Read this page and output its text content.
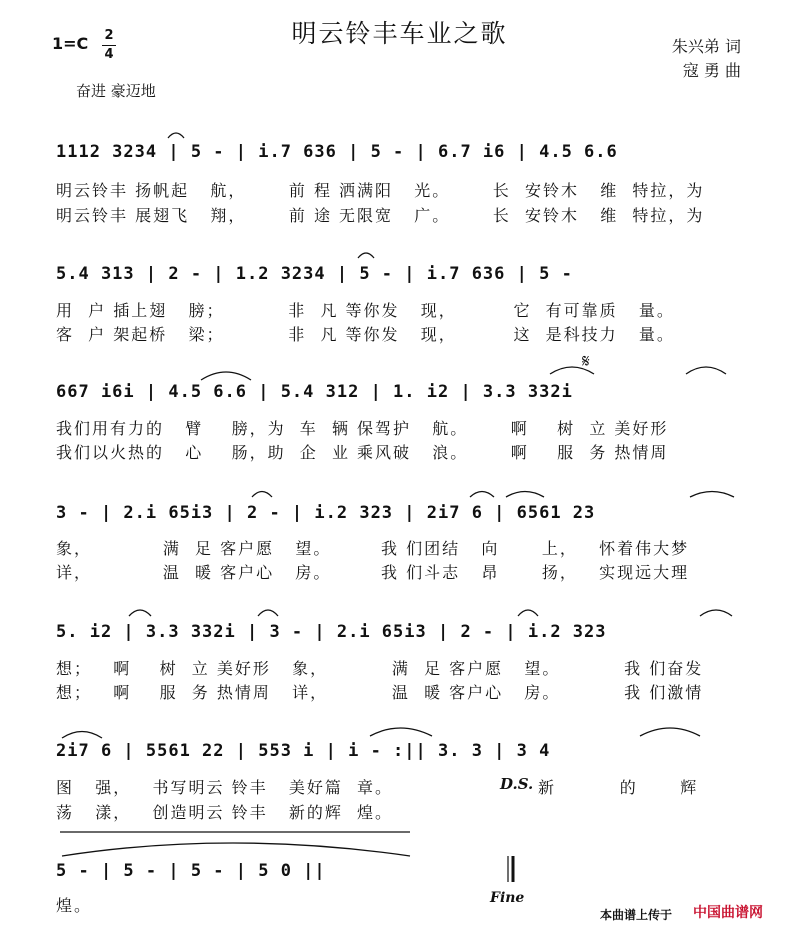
明云铃丰车业之歌
1=C 2
4	朱兴弟 词
寇 勇 曲
奋进 豪迈地
1112 3234 | 5 - | i.7 636 | 5 - | 6.7 i6 | 4.5 6.6
明云铃丰 扬帆起   航，      前 程 洒满阳   光。      长  安铃木   维  特拉，为
明云铃丰 展翅飞   翔，      前 途 无限宽   广。      长  安铃木   维  特拉，为
5.4 313 | 2 - | 1.2 3234 | 5 - | i.7 636 | 5 -
用  户 插上翅   膀；         非  凡 等你发   现，        它  有可靠质   量。
客  户 架起桥   梁；         非  凡 等你发   现，        这  是科技力   量。
667 i6i | 4.5 6.6 | 5.4 312 | 1. i2 | 3.3 332i
我们用有力的   臂    膀，为  车  辆 保驾护   航。      啊    树  立 美好形
我们以火热的   心    肠，助  企  业 乘风破   浪。      啊    服  务 热情周
3 - | 2.i 65i3 | 2 - | i.2 323 | 2i7 6 | 6561 23
象，          满  足 客户愿   望。       我 们团结   向      上，   怀着伟大梦
详，          温  暖 客户心   房。       我 们斗志   昂      扬，   实现远大理
5. i2 | 3.3 332i | 3 - | 2.i 65i3 | 2 - | i.2 323
想；   啊    树  立 美好形   象，         满  足 客户愿   望。         我 们奋发
想；   啊    服  务 热情周   详，         温  暖 客户心   房。         我 们激情
2i7 6 | 5561 22 | 553 i | i - :|| 3. 3 | 3 4
图   强，   书写明云 铃丰   美好篇  章。
荡   漾，   创造明云 铃丰   新的辉  煌。
D.S. 新         的      辉
5 - | 5 - | 5 - | 5 0 ||
煌。	Fine
𝄋
本曲谱上传于 中国曲谱网
